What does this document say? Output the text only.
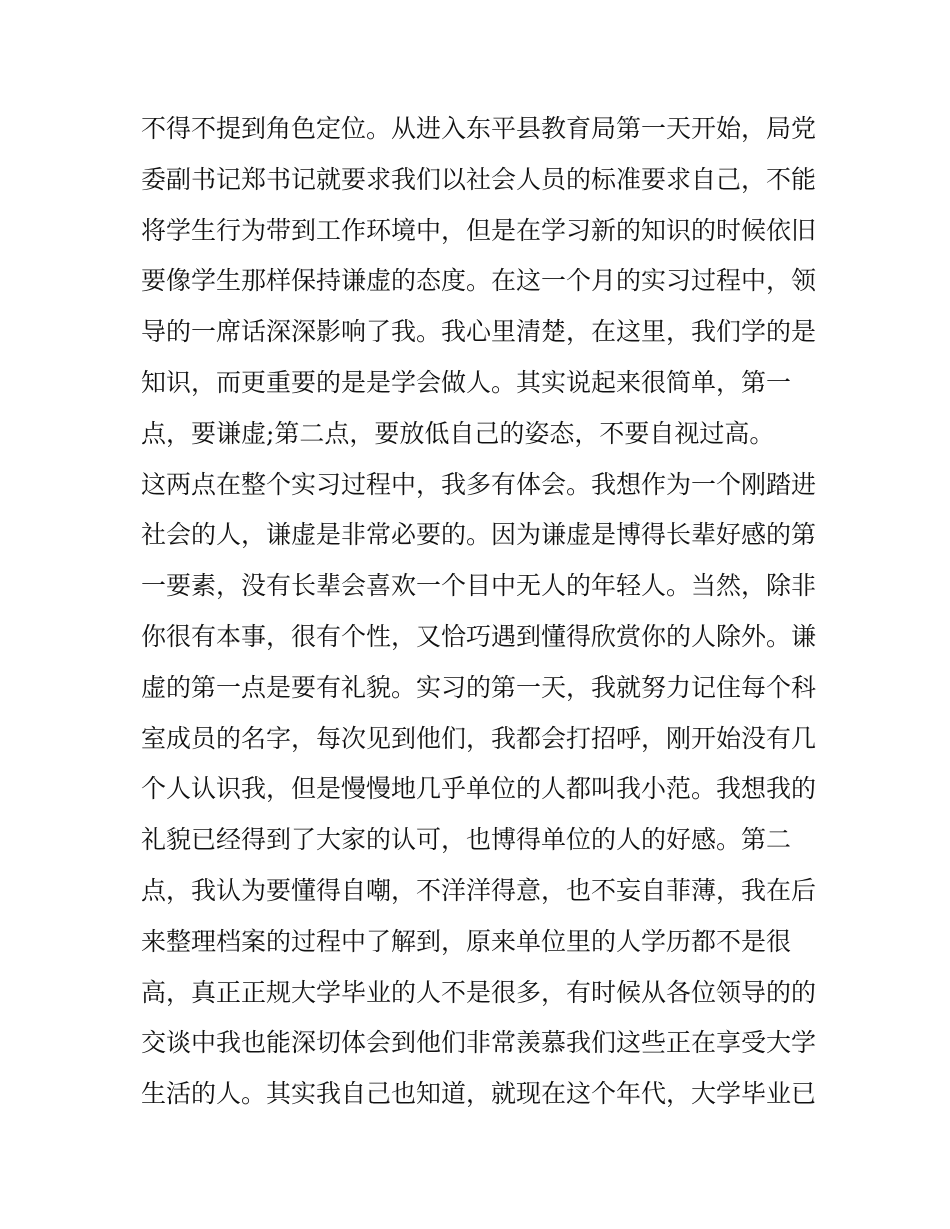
不得不提到角色定位。从进入东平县教育局第一天开始，局党
委副书记郑书记就要求我们以社会人员的标准要求自己，不能
将学生行为带到工作环境中，但是在学习新的知识的时候依旧
要像学生那样保持谦虚的态度。在这一个月的实习过程中，领
导的一席话深深影响了我。我心里清楚，在这里，我们学的是
知识，而更重要的是是学会做人。其实说起来很简单，第一
点，要谦虚;第二点，要放低自己的姿态，不要自视过高。
这两点在整个实习过程中，我多有体会。我想作为一个刚踏进
社会的人，谦虚是非常必要的。因为谦虚是博得长辈好感的第
一要素，没有长辈会喜欢一个目中无人的年轻人。当然，除非
你很有本事，很有个性，又恰巧遇到懂得欣赏你的人除外。谦
虚的第一点是要有礼貌。实习的第一天，我就努力记住每个科
室成员的名字，每次见到他们，我都会打招呼，刚开始没有几
个人认识我，但是慢慢地几乎单位的人都叫我小范。我想我的
礼貌已经得到了大家的认可，也博得单位的人的好感。第二
点，我认为要懂得自嘲，不洋洋得意，也不妄自菲薄，我在后
来整理档案的过程中了解到，原来单位里的人学历都不是很
高，真正正规大学毕业的人不是很多，有时候从各位领导的的
交谈中我也能深切体会到他们非常羡慕我们这些正在享受大学
生活的人。其实我自己也知道，就现在这个年代，大学毕业已
